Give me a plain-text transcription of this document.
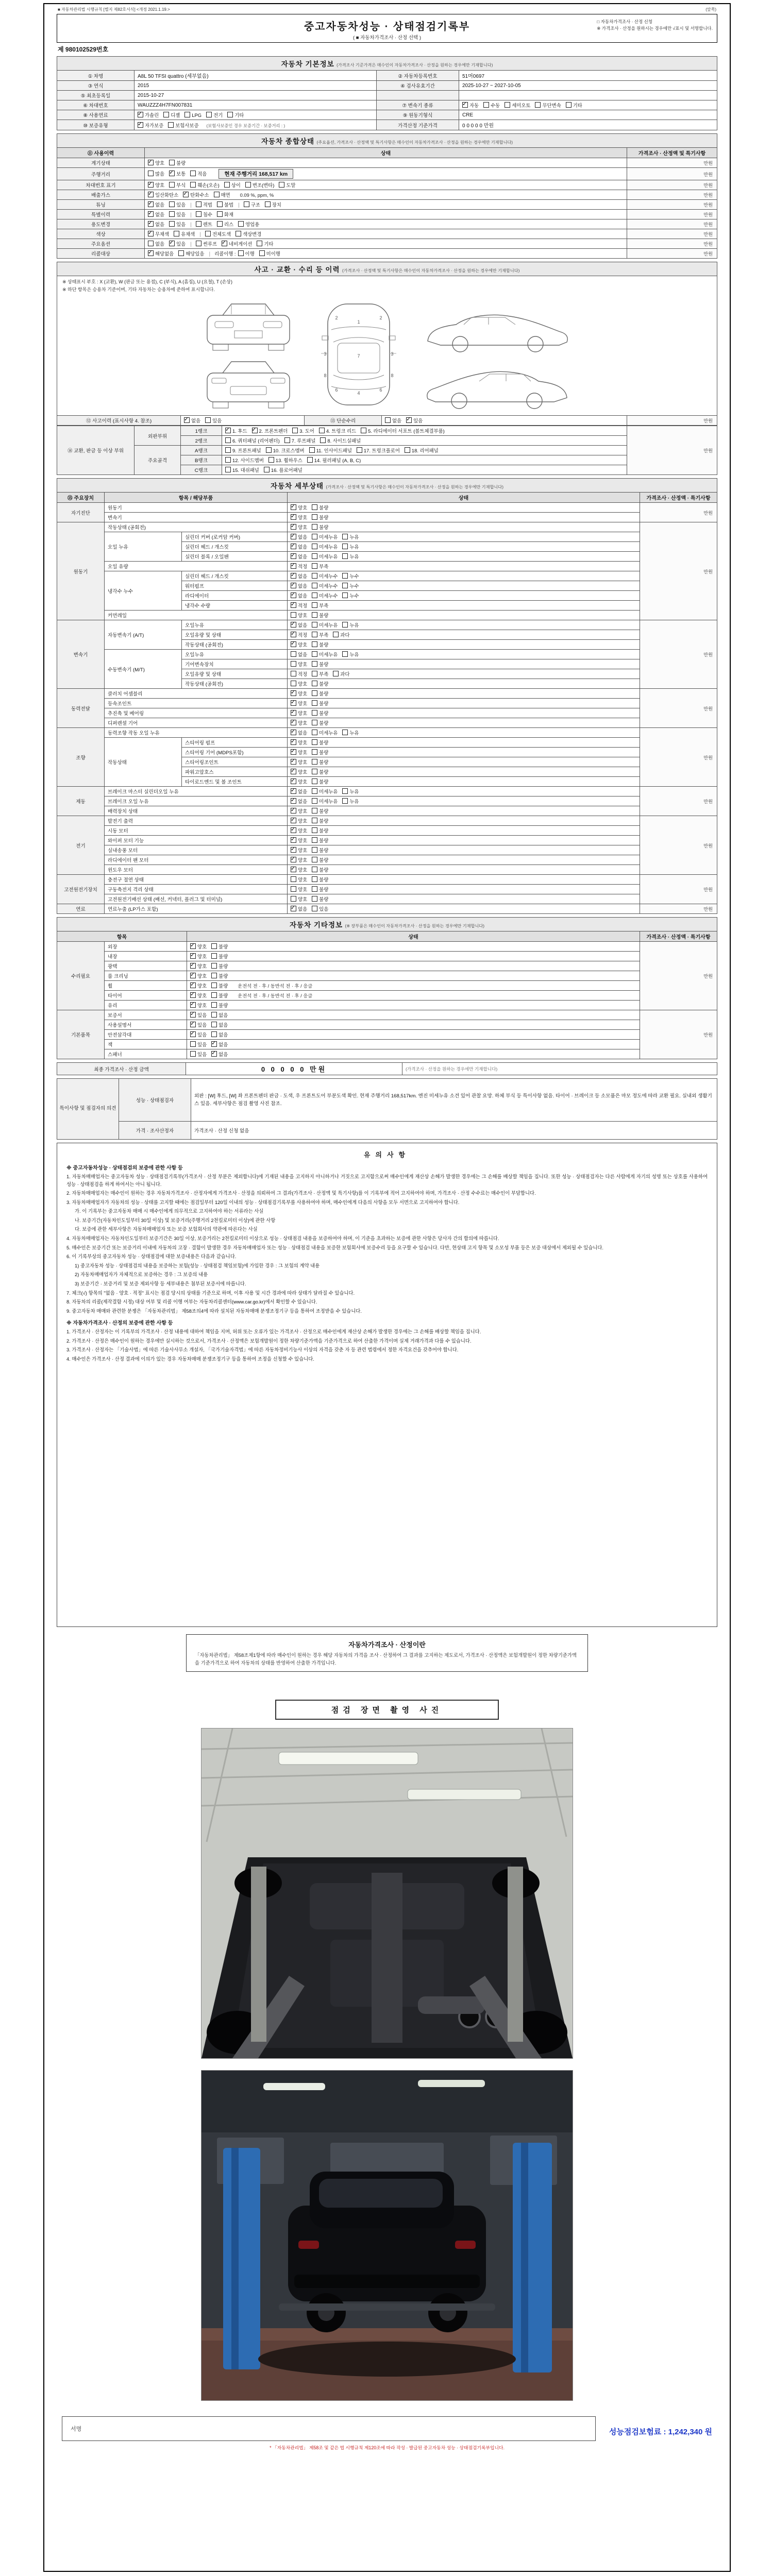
■ 자동차관리법 시행규칙 [별지 제82호서식] <개정 2021.1.19.>	(앞쪽)
중고자동차성능 · 상태점검기록부
( ■ 자동차가격조사 · 산정 선택 )
□ 자동차가격조사 · 산정 신청
※ 가격조사 · 산정을 원하시는 경우에만 √표시 및 서명합니다.
제 980102529번호
자동차 기본정보 (가격조사 기준가격은 매수인이 자동차가격조사 · 산정을 원하는 경우에만 기재합니다)
① 차명	A8L 50 TFSI quattro (세부없음)	② 자동차등록번호	51머0697
③ 연식	2015	④ 검사유효기간	2025-10-27 ~ 2027-10-05
⑤ 최초등록일	2015-10-27		
⑥ 차대번호	WAUZZZ4H7FN007831	⑦ 변속기 종류	✓자동 수동 세미오토 무단변속 기타
⑧ 사용연료	✓가솔린 디젤 LPG 전기 기타	⑨ 원동기형식	CRE
⑩ 보증유형	✓자가보증 보험사보증 (보험사보증인 경우 보증기간 · 보증거리 : )	가격산정 기준가격	0 0 0 0 0 만원
자동차 종합상태 (주요옵션, 가격조사 · 산정액 및 특기사항은 매수인이 자동차가격조사 · 산정을 원하는 경우에만 기재합니다)
⑪ 사용이력	상태	가격조사 · 산정액 및 특기사항
계기상태	✓양호 불량	만원
주행거리	많음 ✓ 보통 적음 현재 주행거리 168,517 km	만원
차대번호 표기	✓양호 부식 훼손(오손) 상이 변조(변타) 도말	만원
배출가스	✓일산화탄소 ✓ 탄화수소 매연 0.09 %, ppm, %	만원
튜닝	✓없음 있음 | 적법 불법 | 구조 장치	만원
특별이력	✓없음 있음 | 침수 화재	만원
용도변경	✓없음 있음 | 렌트 리스 영업용	만원
색상	✓무채색 유채색 | 전체도색 색상변경	만원
주요옵션	없음 ✓ 있음 | 썬루프 ✓ 네비게이션 기타	만원
리콜대상	✓해당없음 해당있음 | 리콜이행 : 이행 미이행	만원
사고 · 교환 · 수리 등 이력 (가격조사 · 산정액 및 특기사항은 매수인이 자동차가격조사 · 산정을 원하는 경우에만 기재합니다)
※ 상태표시 부호 : X (교환), W (판금 또는 용접), C (부식), A (흠집), U (요철), T (손상)
※ 하단 항목은 승용차 기준이며, 기타 자동차는 승용차에 준하여 표시합니다.
1
2	2
7
3	3
6	6
4
8	8
⑫ 사고이력 (표시사항 4. 참조)	✓없음 있음	⑬ 단순수리	없음 ✓ 있음	만원
⑭ 교환, 판금 등 이상 부위	외판부위	1랭크	✓1. 후드 ✓ 2. 프론트펜더 3. 도어 4. 트렁크 리드 5. 라디에이터 서포트 (볼트체결부품)	만원
		2랭크	6. 쿼터패널 (리어펜더) 7. 루프패널 8. 사이드실패널	
	주요골격	A랭크	9. 프론트패널 10. 크로스멤버 11. 인사이드패널 17. 트렁크플로어 18. 리어패널	
		B랭크	12. 사이드멤버 13. 휠하우스 14. 필러패널 (A, B, C)	
		C랭크	15. 대쉬패널 16. 플로어패널	
자동차 세부상태 (가격조사 · 산정액 및 특기사항은 매수인이 자동차가격조사 · 산정을 원하는 경우에만 기재합니다)
⑮ 주요장치	항목 / 해당부품		상태	가격조사 · 산정액 · 특기사항
자기진단	원동기	✓양호 불량	만원
	변속기	✓양호 불량
원동기	작동상태 (공회전)	✓양호 불량	만원
	오일 누유	실린더 커버 (로커암 커버)	✓없음 미세누유 누유
		실린더 헤드 / 개스킷	✓없음 미세누유 누유
		실린더 블록 / 오일팬	✓없음 미세누유 누유
	오일 유량	✓적정 부족
	냉각수 누수	실린더 헤드 / 개스킷	✓없음 미세누수 누수
		워터펌프	✓없음 미세누수 누수
		라디에이터	✓없음 미세누수 누수
		냉각수 수량	✓적정 부족
	커먼레일		양호 불량	
변속기	자동변속기 (A/T)	오일누유	✓없음 미세누유 누유	만원
		오일유량 및 상태	✓적정 부족 과다
		작동상태 (공회전)	✓양호 불량
	수동변속기 (M/T)	오일누유	없음 미세누유 누유	
		기어변속장치	양호 불량	
		오일유량 및 상태	적정 부족 과다	
		작동상태 (공회전)	양호 불량	
동력전달	클러치 어셈블리	✓양호 불량	만원
	등속조인트	✓양호 불량
	추진축 및 베어링	✓양호 불량
	디퍼렌셜 기어	✓양호 불량
조향	동력조향 작동 오일 누유	✓없음 미세누유 누유	만원
	작동상태	스티어링 펌프	✓양호 불량
		스티어링 기어 (MDPS포함)	✓양호 불량
		스티어링조인트	✓양호 불량
		파워고압호스	✓양호 불량
		타이로드엔드 및 볼 조인트	✓양호 불량
제동	브레이크 마스터 실린더오일 누유	✓없음 미세누유 누유	만원
	브레이크 오일 누유	✓없음 미세누유 누유
	배력장치 상태	✓양호 불량
전기	발전기 출력	✓양호 불량	만원
	시동 모터	✓양호 불량
	와이퍼 모터 기능	✓양호 불량
	실내송풍 모터	✓양호 불량
	라디에이터 팬 모터	✓양호 불량
	윈도우 모터	✓양호 불량
고전원전기장치	충전구 절연 상태		양호 불량	만원
	구동축전지 격리 상태		양호 불량	
	고전원전기배선 상태 (배선, 커넥터, 플러그 및 터미널)		양호 불량	
연료	연료누출 (LP가스 포함)	✓없음 있음	만원
자동차 기타정보 (※ 장부품은 매수인이 자동차가격조사 · 산정을 원하는 경우에만 기재합니다)
항목		상태	가격조사 · 산정액 · 특기사항
수리필요	외장	✓양호 불량	만원
	내장	✓양호 불량
	광택	✓양호 불량
	룸 크리닝	✓양호 불량
	휠	✓양호 불량 운전석 전 · 후 / 동반석 전 · 후 / 응급
	타이어	✓양호 불량 운전석 전 · 후 / 동반석 전 · 후 / 응급
	유리	✓양호 불량
기본품목	보증서	✓있음 없음	만원
	사용설명서	✓있음 없음
	안전삼각대	✓있음 없음
	잭	있음 ✓ 없음
	스패너	있음 ✓ 없음
최종 가격조사 · 산정 금액	0 0 0 0 0 만원	(가격조사 · 산정을 원하는 경우에만 기재합니다)
특이사항 및 점검자의 의견	성능 · 상태점검자	외판 : [W] 후드, [W] 좌 프론트펜더 판금 · 도색, 우 프론트도어 부분도색 확인. 현재 주행거리 168,517km. 엔진 미세누유 소견 있어 관찰 요망. 하체 부식 등 특이사항 없음. 타이어 · 브레이크 등 소모품은 마모 정도에 따라 교환 필요. 실내외 생활기스 있음. 세부사항은 점검 촬영 사진 참조.
	가격 · 조사산정자	가격조사 · 산정 신청 없음
유의사항
※ 중고자동차성능 · 상태점검의 보증에 관한 사항 등
1. 자동차매매업자는 중고자동차 성능 · 상태점검기록부(가격조사 · 산정 부분은 제외합니다)에 기재된 내용을 고지하지 아니하거나 거짓으로 고지함으로써 매수인에게 재산상 손해가 발생한 경우에는 그 손해를 배상할 책임을 집니다. 또한 성능 · 상태점검자는 다른 사람에게 자기의 성명 또는 상호를 사용하여 성능 · 상태점검을 하게 하여서는 아니 됩니다.
2. 자동차매매업자는 매수인이 원하는 경우 자동차가격조사 · 산정자에게 가격조사 · 산정을 의뢰하여 그 결과(가격조사 · 산정액 및 특기사항)를 이 기록부에 적어 고지하여야 하며, 가격조사 · 산정 수수료는 매수인이 부담합니다.
3. 자동차매매업자가 자동차의 성능 · 상태를 고지할 때에는 점검일부터 120일 이내의 성능 · 상태점검기록부를 사용하여야 하며, 매수인에게 다음의 사항을 모두 서면으로 고지하여야 합니다.
가. 이 기록부는 중고자동차 매매 시 매수인에게 의무적으로 고지하여야 하는 서류라는 사실
나. 보증기간(자동차인도일부터 30일 이상) 및 보증거리(주행거리 2천킬로미터 이상)에 관한 사항
다. 보증에 관한 세부사항은 자동차매매업자 또는 보증 보험회사의 약관에 따른다는 사실
4. 자동차매매업자는 자동차인도일부터 보증기간은 30일 이상, 보증거리는 2천킬로미터 이상으로 성능 · 상태점검 내용을 보증하여야 하며, 이 기준을 초과하는 보증에 관한 사항은 당사자 간의 합의에 따릅니다.
5. 매수인은 보증기간 또는 보증거리 이내에 자동차의 고장 · 결함이 발생한 경우 자동차매매업자 또는 성능 · 상태점검 내용을 보증한 보험회사에 보증수리 등을 요구할 수 있습니다. 다만, 현상태 고지 항목 및 소모성 부품 등은 보증 대상에서 제외될 수 있습니다.
6. 이 기록부상의 중고자동차 성능 · 상태점검에 대한 보증내용은 다음과 같습니다.
1) 중고자동차 성능 · 상태점검의 내용을 보증하는 보험(성능 · 상태점검 책임보험)에 가입한 경우 : 그 보험의 계약 내용
2) 자동차매매업자가 자체적으로 보증하는 경우 : 그 보증의 내용
3) 보증기간 · 보증거리 및 보증 제외사항 등 세부내용은 첨부된 보증서에 따릅니다.
7. 체크(√) 항목의 "없음 · 양호 · 적정" 표시는 점검 당시의 상태를 기준으로 하며, 이후 사용 및 시간 경과에 따라 상태가 달라질 수 있습니다.
8. 자동차의 리콜(제작결함 시정) 대상 여부 및 리콜 이행 여부는 자동차리콜센터(www.car.go.kr)에서 확인할 수 있습니다.
9. 중고자동차 매매와 관련한 분쟁은 「자동차관리법」 제58조의4에 따라 설치된 자동차매매 분쟁조정기구 등을 통하여 조정받을 수 있습니다.
※ 자동차가격조사 · 산정의 보증에 관한 사항 등
1. 가격조사 · 산정자는 이 기록부의 가격조사 · 산정 내용에 대하여 책임을 지며, 허위 또는 오류가 있는 가격조사 · 산정으로 매수인에게 재산상 손해가 발생한 경우에는 그 손해를 배상할 책임을 집니다.
2. 가격조사 · 산정은 매수인이 원하는 경우에만 실시하는 것으로서, 가격조사 · 산정액은 보험개발원이 정한 차량기준가액을 기준가격으로 하여 산출한 가격이며 실제 거래가격과 다를 수 있습니다.
3. 가격조사 · 산정자는 「기술사법」에 따른 기술사사무소 개설자, 「국가기술자격법」에 따른 자동차정비기능사 이상의 자격을 갖춘 자 등 관련 법령에서 정한 자격요건을 갖추어야 합니다.
4. 매수인은 가격조사 · 산정 결과에 이의가 있는 경우 자동차매매 분쟁조정기구 등을 통하여 조정을 신청할 수 있습니다.
자동차가격조사 · 산정이란
「자동차관리법」 제58조제1항에 따라 매수인이 원하는 경우 해당 자동차의 가격을 조사 · 산정하여 그 결과를 고지하는 제도로서, 가격조사 · 산정액은 보험개발원이 정한 차량기준가액을 기준가격으로 하여 자동차의 상태를 반영하여 산출한 가격입니다.
점검 장면 촬영 사진
서명	성능점검보험료 : 1,242,340 원
* 「자동차관리법」 제58조 및 같은 법 시행규칙 제120조에 따라 작성 · 발급된 중고자동차 성능 · 상태점검기록부입니다.
